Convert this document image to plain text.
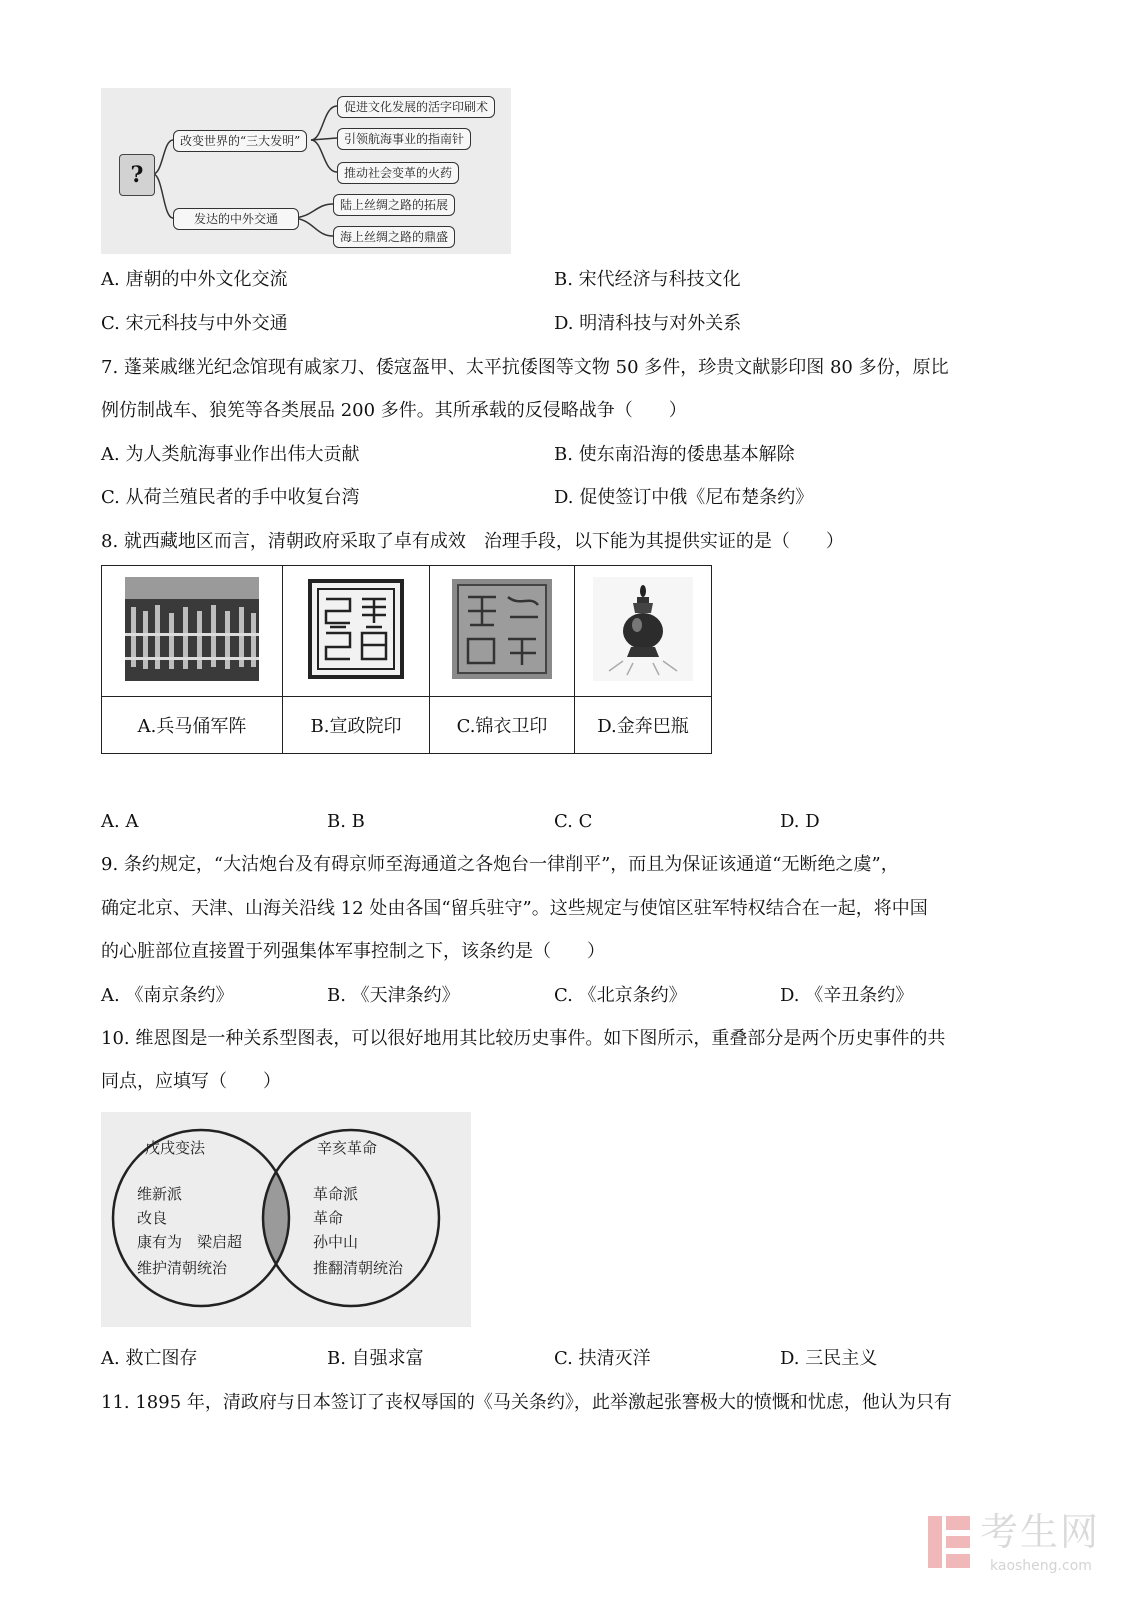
?
改变世界的“三大发明”
发达的中外交通
促进文化发展的活字印刷术
引领航海事业的指南针
推动社会变革的火药
陆上丝绸之路的拓展
海上丝绸之路的鼎盛
A. 唐朝的中外文化交流	B. 宋代经济与科技文化
C. 宋元科技与中外交通	D. 明清科技与对外关系
7. 蓬莱戚继光纪念馆现有戚家刀、倭寇盔甲、太平抗倭图等文物 50 多件，珍贵文献影印图 80 多份，原比
例仿制战车、狼筅等各类展品 200 多件。其所承载的反侵略战争（　　）
A. 为人类航海事业作出伟大贡献	B. 使东南沿海的倭患基本解除
C. 从荷兰殖民者的手中收复台湾	D. 促使签订中俄《尼布楚条约》
8. 就西藏地区而言，清朝政府采取了卓有成效　治理手段，以下能为其提供实证的是（　　）

A.兵马俑军阵	B.宣政院印	C.锦衣卫印	D.金奔巴瓶
A. A	B. B	C. C	D. D
9. 条约规定，“大沽炮台及有碍京师至海通道之各炮台一律削平”，而且为保证该通道“无断绝之虞”，
确定北京、天津、山海关沿线 12 处由各国“留兵驻守”。这些规定与使馆区驻军特权结合在一起，将中国
的心脏部位直接置于列强集体军事控制之下，该条约是（　　）
A. 《南京条约》	B. 《天津条约》	C. 《北京条约》	D. 《辛丑条约》
10. 维恩图是一种关系型图表，可以很好地用其比较历史事件。如下图所示，重叠部分是两个历史事件的共
同点，应填写（　　）
戊戌变法
维新派
改良
康有为　梁启超
维护清朝统治
辛亥革命
革命派
革命
孙中山
推翻清朝统治
A. 救亡图存	B. 自强求富	C. 扶清灭洋	D. 三民主义
11. 1895 年，清政府与日本签订了丧权辱国的《马关条约》，此举激起张謇极大的愤慨和忧虑，他认为只有
考生网
kaosheng.com
